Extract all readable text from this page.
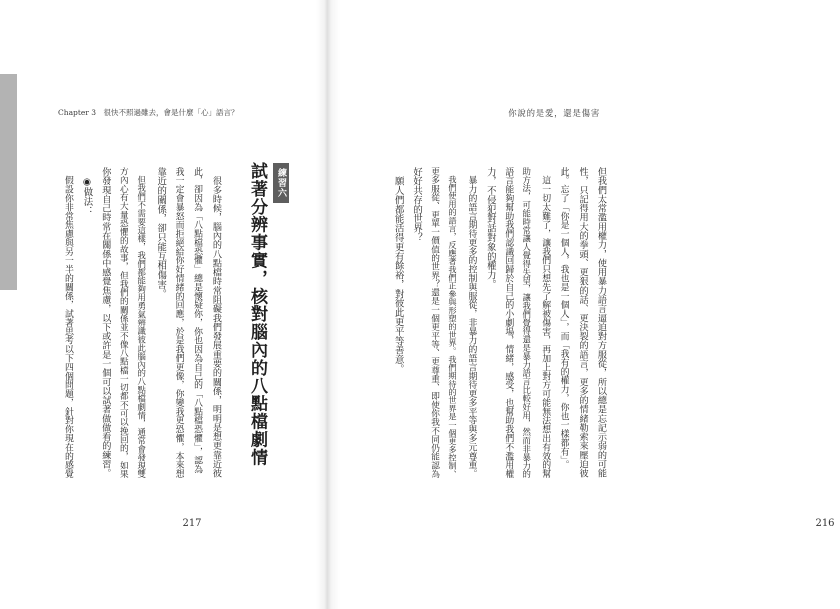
Chapter 3　很快不照過雖去，會是什麼「心」語言？
練習六
試著分辨事實，核對腦內的八點檔劇情
　很多時候，腦內的八點檔時常阻礙我們發展重要的關係，明明是想更靠近彼
此，卻因為「八點檔恐懼」總是懷疑你，你也因為自己的「八點檔恐懼」，認為
我一定會暴怒而拒絕給你好情緒的回應，於是我們更像，你變我更恐懼，本來想
靠近的關係，卻只能互相傷害。
　但我們不需要這樣，我們都能夠用勇氣辨識彼此腦內的八點檔劇情，通常會發現雙
方內心有大量恐懼的故事，但我們的關係並不像八點檔一切都不可以挽回的，如果
你發現自己時常在關係中感覺焦慮，以下或許是一個可以試著做做看的練習。
　◉做法：
　假設你非常焦慮與另一半的關係，試著思考以下四個問題，針對你現在的感覺
217
你說的是愛，還是傷害
216
但我們太常濫用權力，使用暴力語言逼迫對方服從，所以總是忘記示弱的可能
性，只記得用大的拳頭、更狠的話、更決裂的語言，更多的情緒勒索來壓迫彼
此。忘了「你是一個人，我也是一個人」，而「我有的權力，你也一樣都有」。
　這一切太難了，讓我們只想先了解被傷害，再加上對方可能無法想出有效的幫
助方法，可能時常讓人覺得失望，讓我們覺得還是暴力語言比較好用，然而非暴力的
語言能夠幫助我們認識回歸於自己的小劇場，情緒，感受，也幫助我們不濫用權
力，不侵犯對話對象的權力。
　暴力的語言期待更多的控制與服從，非暴力的語言期待更多平等與多元尊重。
　我們使用的語言，反應著我們正參與形塑的世界。我們期待的世界是一個更多控制、
更多服從、更單一價值的世界？還是一個更平等、更尊重、即使你我不同仍能認為
好好共存的世界？
　願人們都能活得更有餘裕，對彼此更平等善意。
